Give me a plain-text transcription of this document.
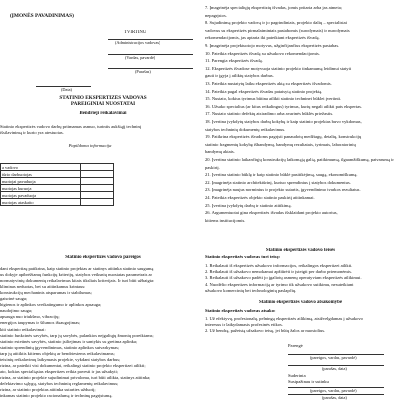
(ĮMONĖS PAVADINIMAS)
TVIRTINU
(Administracijos vadovas)
(Vardas, pavardė)
(Parašas)
(Data)
STATINIO EKSPERTIZĖS VADOVAS
PAREIGINIAI NUOSTATAI
Bendrieji reikalavimai
Statinio ekspertizės vadovo darbų priimamas asmuo, turintis aukštąjį techninį
išsilavinimą ir kurio yra atestuotas.
Papildoma informacija
a vadovo	
tūrio darbuotojas	
nuotojai pavaduoja	
nuotojas kuruoja	
nuotojas pavaduoja	
nuotojas ataskaito	
Statinio ekspertizės vadovo pareigos
dant ekspertizę patikrina, kaip statinio projektas ar statinys atitinka statinio saugumą
us dokyje apibrėžiamų funkcijų kriterijų, statybos veiksnių nuostatas parametrais ar
normatyvinių dokumentų reikalavimus kitais tiksliais kriterijais. Ir turi būti užbaigta:
kliminas neduotas, bet su atitinkamus krintaus:
konstrukcijų mechaninis atsparumas ir stabilumas;
gaisrinė sauga;
higienos ir aplinkos sveikatingumo ir aplinkos apsauga;
naudojimo sauga;
apsauga nuo triukšmo, vibracijų;
energijos taupymas ir šilumos išsaugojimas;
kiti statinio reikalavimai:
statinio funkcinės savybės, tarp jų savybės, palankios neįgaliųjų žmonių poreikiams;
statinio estetinės savybės, statinio įsiliejimas ir santykis su gretima aplinka;
statinio sprendinių įgyvendinimas, statinio aplinkos sutvarkymas;
tarp jų atitiktis kitiems objektų ar bendriesiems reikalavimams;
teisinių reikalavimų laikymasis projekte, vykdant statybos darbus;
rizina, ar pateikti visi dokumentai, reikalingi statinio projekto ekspertizei atlikti;
ato, kokias specialiąsias ekspertizes reikia pavesti ir jas užsakyti;
rizina, ar statinio projekte sujudinimai privaloma, turi būti atlikta, statinys atitinka;
defektavimo sąlygų, statybos techninių reglamentų reikalavimus;
rizina, ar statinio projektas atitinka sutarties užduotį;
inkamas statinio projekto racionalumą ir techninę pagrįstumą.
7. Įmagrinėja specialiųjų ekspertizių išvadas, jomis pritaria arba jas atmeta;
nepagrįstos.
8. Sujudinimą projekto vadovą ir jo pagrindiniais, projekto dalių – specialistai
vadovus su ekspertizės pirmalaimintais pastabomis (surodymais) ir nurodymais
rekomendacijomis, jas aptaria iki pateikiant ekspertizės išvadą.
9. Įmagrinėja projektuotojo motyvus, užginčijančius ekspertizės pastabas.
10. Pateikia ekspertizės išvadą su užsakovo rekomendacijomis.
11. Parengia ekspertizės išvadą.
12. Ekspertizės išvadose motyvuoja statinio projekto tinkamumą leidimui statyti
gauti ir įgyja į atliktų statybos darbus.
13. Pateikia nustatytų laiku ekspertizės aktą su ekspertizės išvadomis.
14. Pateikia pagal ekspertizės išvadas pataisytą statinio projektą.
15. Nustato, kokius tyrimus būtina atlikti statinio techninei būklei įvertinti.
16. Užsako specialius (ar kitus reikalingus) tyrimus, kurių negali atlikti pats ekspertas.
17. Nustato statinio defektų atsiradimo arba avarinės būklės priežastis.
18. Įvertina įvykdytų statybos darbų kokybę ir kaip statinio projektas buvo vykdomas,
statybos techninių dokumentų reikalavimus.
19. Patikrina ekspertizės išvadoms pagrįsti panaudotų medžiagų, detalių, konstrukcijų
statinio fragmentų kokybę išbandymų, bandymų rezultatais, tyrimais, laboratorinių
bandymų aktais.
20. Įvertina statinio laikančiųjų konstrukcijų laikomąją galią, patikimumą, ilgaamžiškumą, patvarumą ir
paskirtį.
21. Įvertina statinio būklę ir kaip statinio būklė pasitikėjimą, saugą, ekonomiškumą.
22. Įmagrinėja statinio architektūrinį, kuriuo sprendinius į statybos dokumentus.
23. Įmagrinėja naujus norminius ir projekto sutartis, įgyvendinimo tvarkos rezultatus.
24. Pateikia ekspertizės objekto statinio paskirtį atitinkamai.
25. Įvertina įvykdytų darbų ir statinio atitikimą.
26. Argumentuotai gina ekspertizės išvadas išsklaidant projekto autorius,
kitiems institucijomis.
Statinio ekspertizės vadovo teisės
Statinio ekspertizės vadovas turi teisę:
1. Reikalauti iš ekspertizės užsakovo informacijos, reikalingos ekspertizei atlikti.
2. Reikalauti iš užsakovo nemokamai apžiūrėti ir įsteigti per darbo priemonėmis.
3. Reikalauti iš užsakovo padėti jo įgaliotų asmenų operatyviam ekspertizės atlikimui.
4. Nuodėlio ekspertizes informaciją ar tyrimo tik užsakovo sutikimu, nesuteikiant
užsakovo komercinių bei technologinių paslapčių.
Statinio ekspertizės vadovo atsakomybė
Statinio ekspertizės vadovas atsako:
1. Už efektyvų, profesionalų, pelningą ekspertizės atlikimą, atsižvelgdamas į užsakovo
interesus ir laikydamasis profesinės etikos.
2. Už bendrą, pažeistą užsakovo teisę, jei būtų žalos ar nuostolius.
Parengė
(pareigos, vardas, pavardė)
(parašas, data)
Suderinta
Susipažinau ir sutinku
(pareigos, vardas, pavardė)
(parašas, data)
